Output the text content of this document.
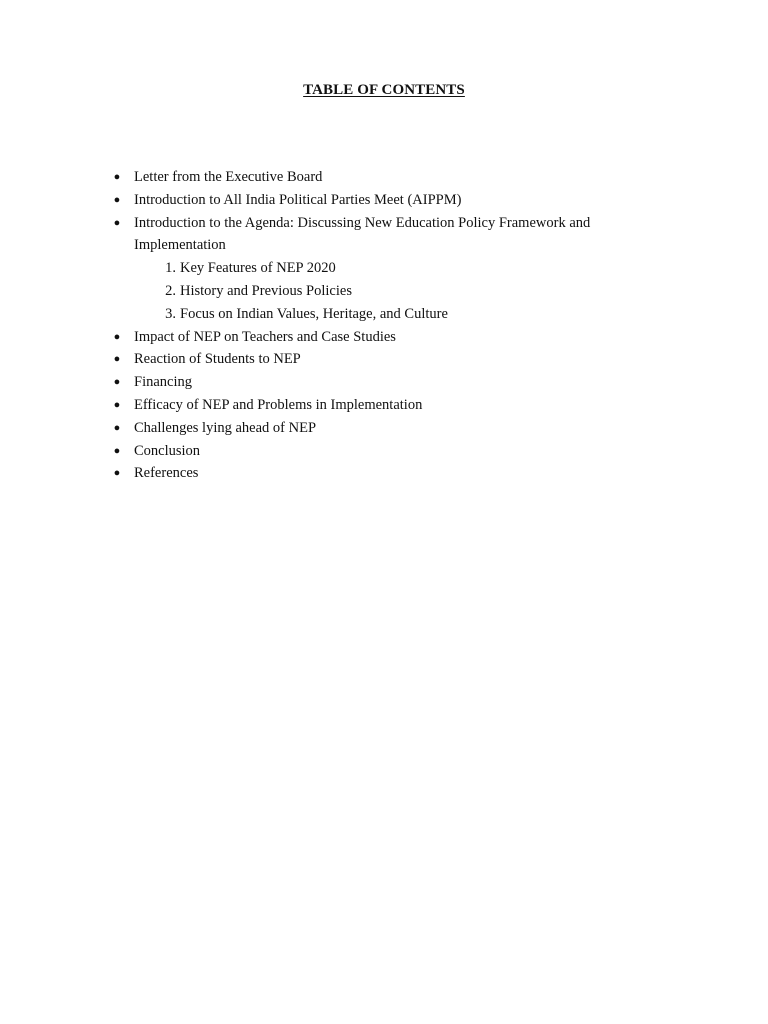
TABLE OF CONTENTS
● Letter from the Executive Board
● Introduction to All India Political Parties Meet (AIPPM)
● Introduction to the Agenda: Discussing New Education Policy Framework and Implementation
1. Key Features of NEP 2020
2. History and Previous Policies
3. Focus on Indian Values, Heritage, and Culture
● Impact of NEP on Teachers and Case Studies
● Reaction of Students to NEP
● Financing
● Efficacy of NEP and Problems in Implementation
● Challenges lying ahead of NEP
● Conclusion
● References
